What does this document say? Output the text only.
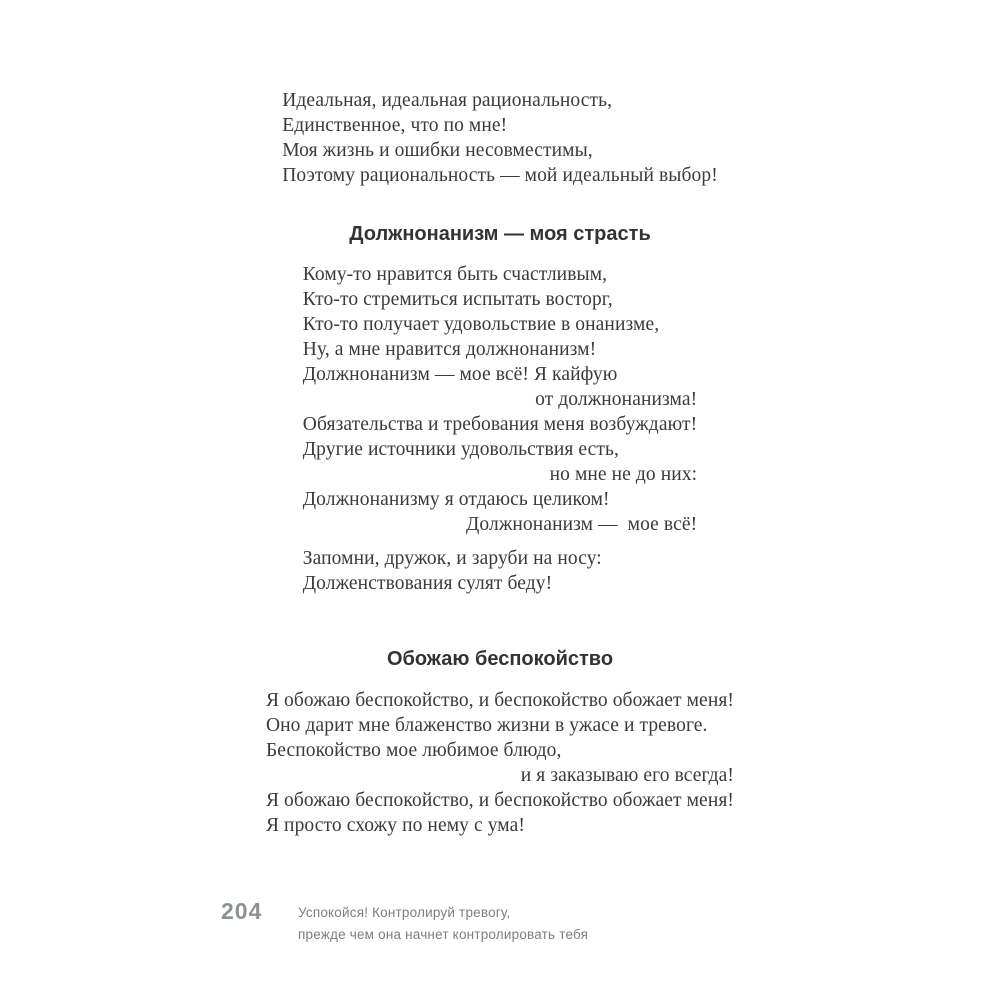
Идеальная, идеальная рациональность,
Единственное, что по мне!
Моя жизнь и ошибки несовместимы,
Поэтому рациональность — мой идеальный выбор!
Должнонанизм — моя страсть
Кому-то нравится быть счастливым,
Кто-то стремиться испытать восторг,
Кто-то получает удовольствие в онанизме,
Ну, а мне нравится должнонанизм!
Должнонанизм — мое всё! Я кайфую
от должнонанизма!
Обязательства и требования меня возбуждают!
Другие источники удовольствия есть,
но мне не до них:
Должнонанизму я отдаюсь целиком!
Должнонанизм —  мое всё!
Запомни, дружок, и заруби на носу:
Долженствования сулят беду!
Обожаю беспокойство
Я обожаю беспокойство, и беспокойство обожает меня!
Оно дарит мне блаженство жизни в ужасе и тревоге.
Беспокойство мое любимое блюдо,
и я заказываю его всегда!
Я обожаю беспокойство, и беспокойство обожает меня!
Я просто схожу по нему с ума!
204	Успокойся! Контролируй тревогу,
прежде чем она начнет контролировать тебя
